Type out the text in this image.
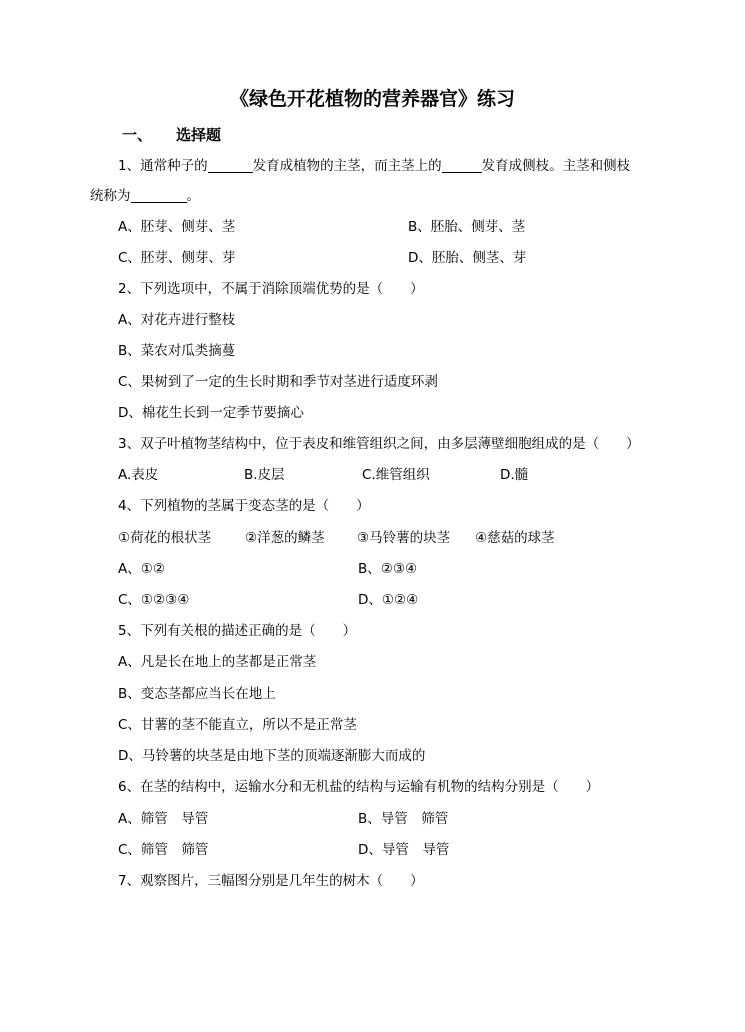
《绿色开花植物的营养器官》练习
一、 选择题
1、通常种子的	发育成植物的主茎，而主茎上的	发育成侧枝。主茎和侧枝
统称为	。
A、胚芽、侧芽、茎	B、胚胎、侧芽、茎
C、胚芽、侧芽、芽	D、胚胎、侧茎、芽
2、下列选项中，不属于消除顶端优势的是（　　）
A、对花卉进行整枝
B、菜农对瓜类摘蔓
C、果树到了一定的生长时期和季节对茎进行适度环剥
D、棉花生长到一定季节要摘心
3、双子叶植物茎结构中，位于表皮和维管组织之间，由多层薄壁细胞组成的是（　　）
A.表皮	B.皮层	C.维管组织	D.髓
4、下列植物的茎属于变态茎的是（　　）
①荷花的根状茎	②洋葱的鳞茎 ③马铃薯的块茎 ④慈菇的球茎
A、①②	B、②③④
C、①②③④	D、①②④
5、下列有关根的描述正确的是（　　）
A、凡是长在地上的茎都是正常茎
B、变态茎都应当长在地上
C、甘薯的茎不能直立，所以不是正常茎
D、马铃薯的块茎是由地下茎的顶端逐渐膨大而成的
6、在茎的结构中，运输水分和无机盐的结构与运输有机物的结构分别是（　　）
A、筛管　导管	B、导管　筛管
C、筛管　筛管	D、导管　导管
7、观察图片，三幅图分别是几年生的树木（　　）
